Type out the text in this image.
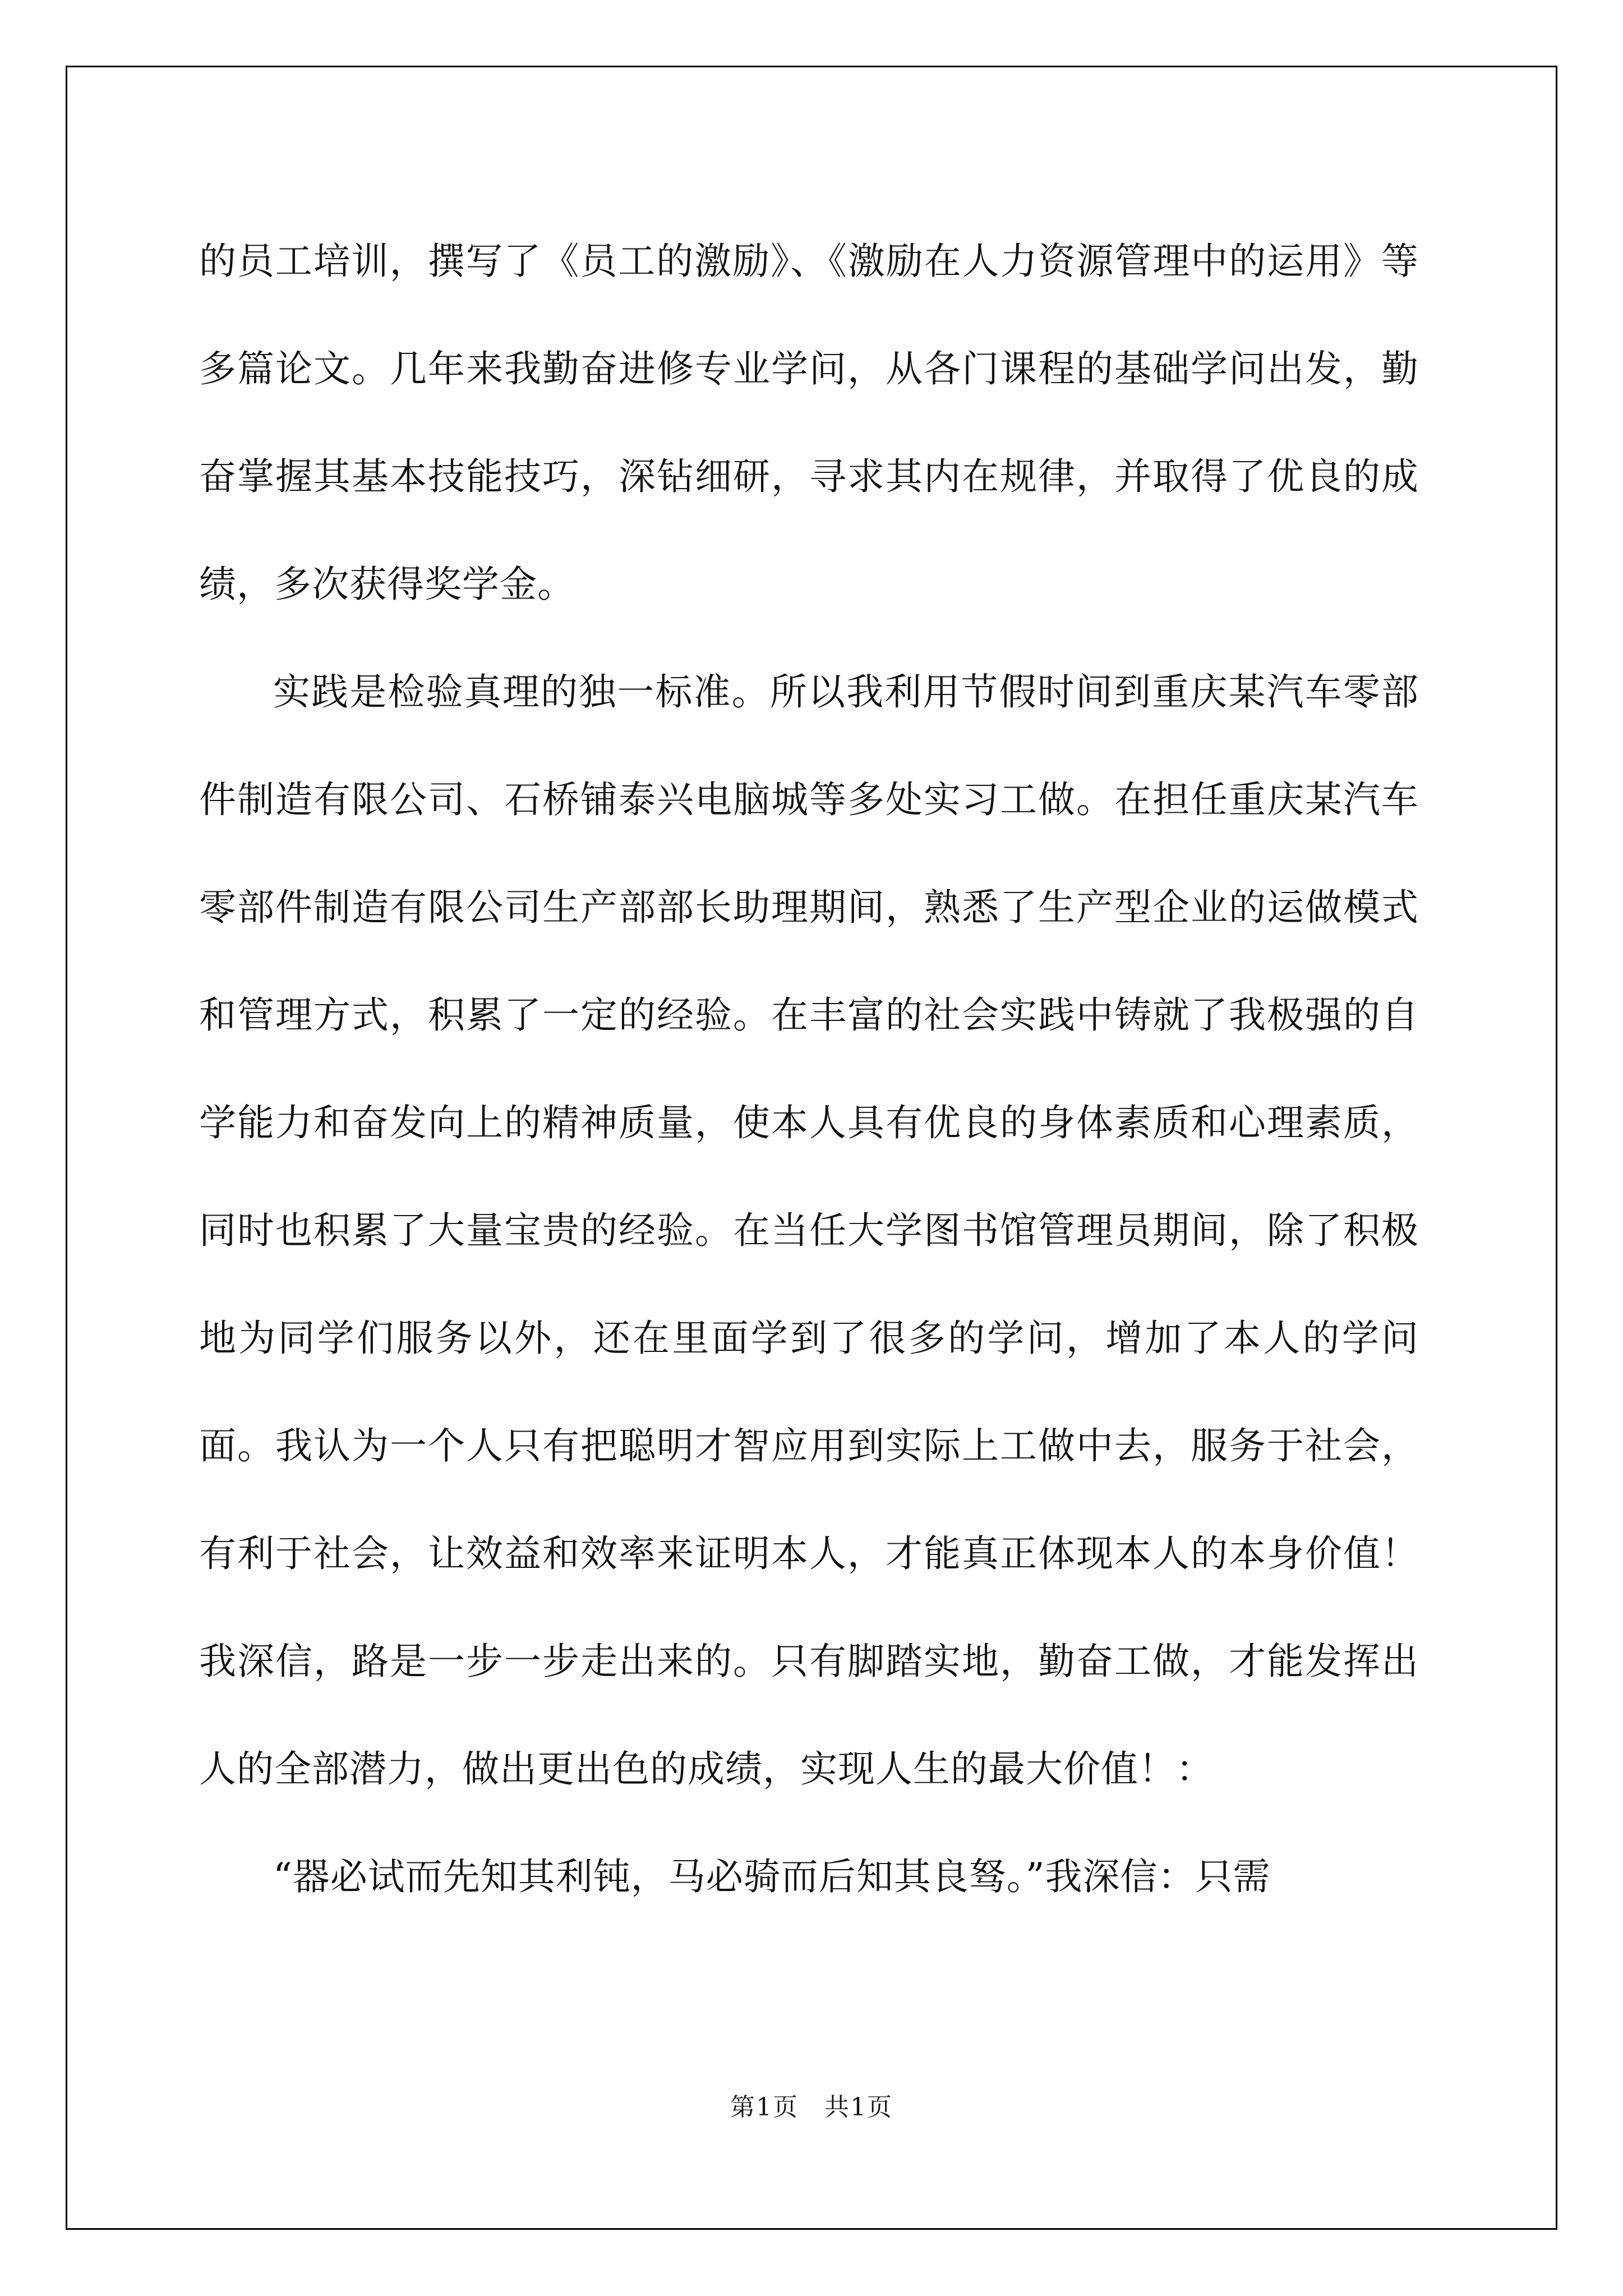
的员工培训，撰写了《员工的激励》、《激励在人力资源管理中的运用》等多篇论文。几年来我勤奋进修专业学问，从各门课程的基础学问出发，勤奋掌握其基本技能技巧，深钻细研，寻求其内在规律，并取得了优良的成绩，多次获得奖学金。

实践是检验真理的独一标准。所以我利用节假时间到重庆某汽车零部件制造有限公司、石桥铺泰兴电脑城等多处实习工做。在担任重庆某汽车零部件制造有限公司生产部部长助理期间，熟悉了生产型企业的运做模式和管理方式，积累了一定的经验。在丰富的社会实践中铸就了我极强的自学能力和奋发向上的精神质量，使本人具有优良的身体素质和心理素质，同时也积累了大量宝贵的经验。在当任大学图书馆管理员期间，除了积极地为同学们服务以外，还在里面学到了很多的学问，增加了本人的学问面。我认为一个人只有把聪明才智应用到实际上工做中去，服务于社会，有利于社会，让效益和效率来证明本人，才能真正体现本人的本身价值！我深信，路是一步一步走出来的。只有脚踏实地，勤奋工做，才能发挥出人的全部潜力，做出更出色的成绩，实现人生的最大价值！：

“器必试而先知其利钝，马必骑而后知其良驽。”我深信：只需

第1页　共1页
